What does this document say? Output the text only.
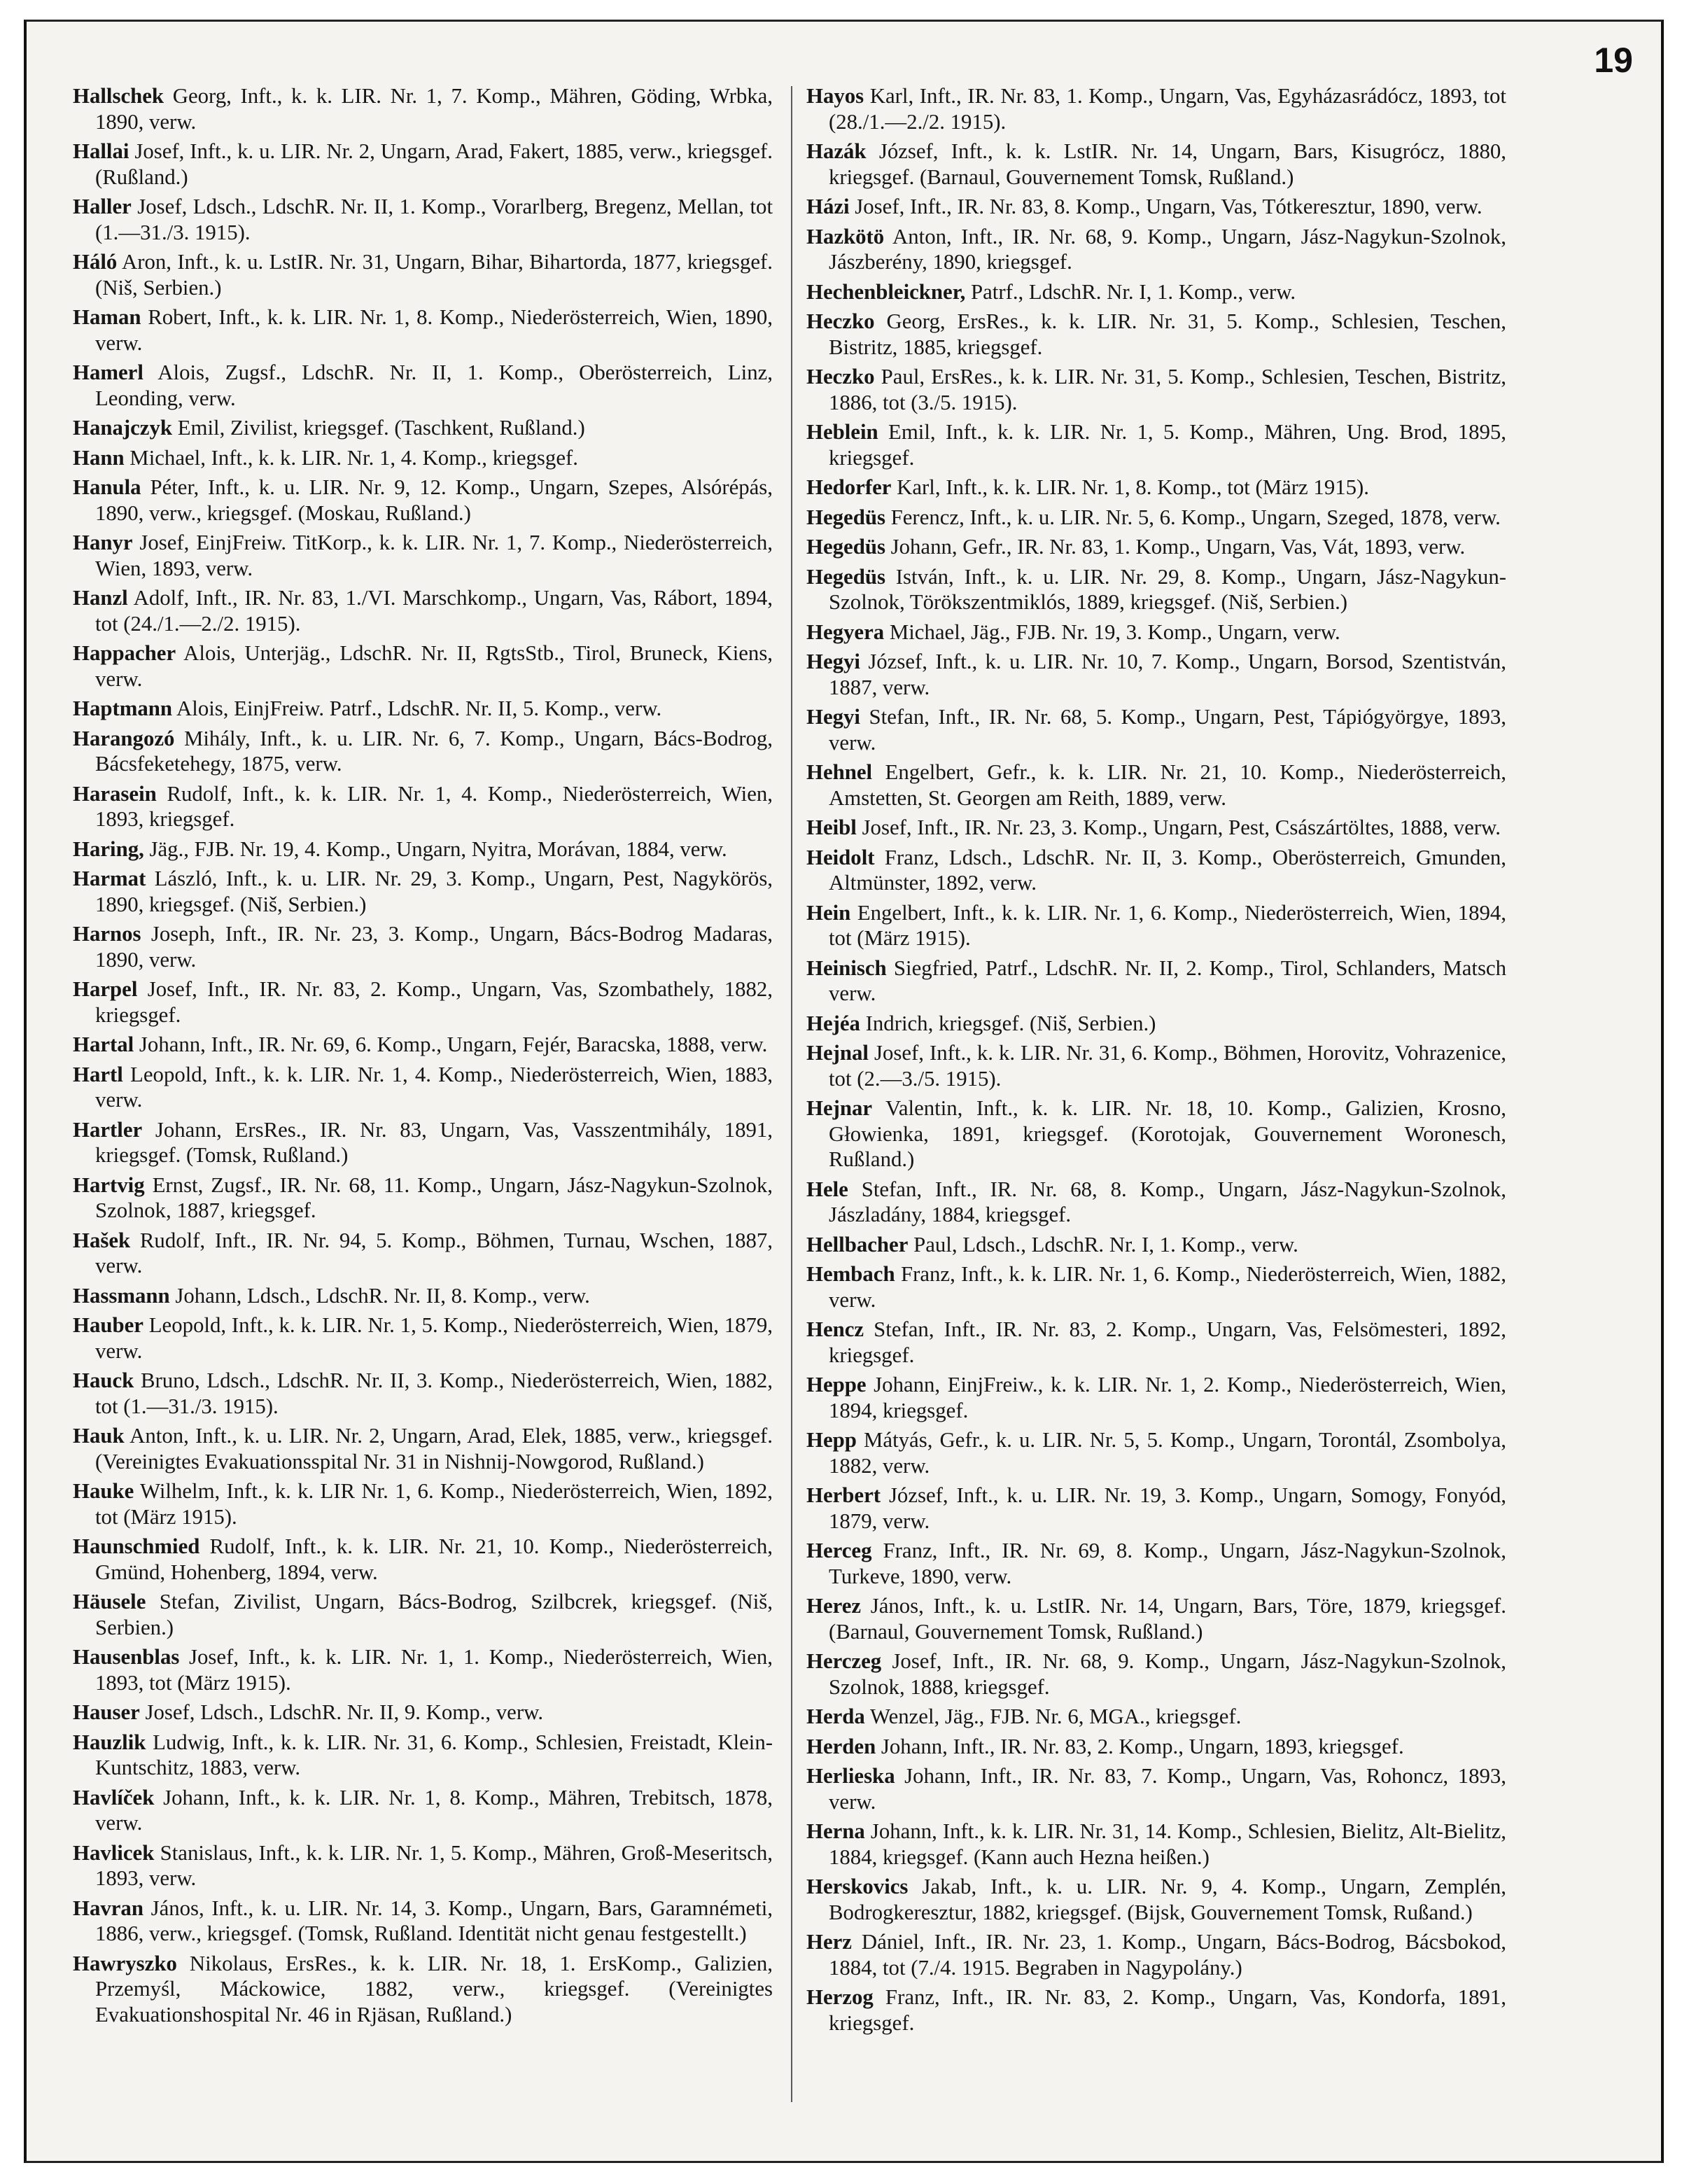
19

Hallschek Georg, Inft., k. k. LIR. Nr. 1, 7. Komp., Mähren, Göding, Wrbka, 1890, verw.

Hallai Josef, Inft., k. u. LIR. Nr. 2, Ungarn, Arad, Fakert, 1885, verw., kriegsgef. (Rußland.)

Haller Josef, Ldsch., LdschR. Nr. II, 1. Komp., Vorarlberg, Bregenz, Mellan, tot (1.—31./3. 1915).

Háló Aron, Inft., k. u. LstIR. Nr. 31, Ungarn, Bihar, Bihartorda, 1877, kriegsgef. (Niš, Serbien.)

Haman Robert, Inft., k. k. LIR. Nr. 1, 8. Komp., Niederösterreich, Wien, 1890, verw.

Hamerl Alois, Zugsf., LdschR. Nr. II, 1. Komp., Oberösterreich, Linz, Leonding, verw.

Hanajczyk Emil, Zivilist, kriegsgef. (Taschkent, Rußland.)

Hann Michael, Inft., k. k. LIR. Nr. 1, 4. Komp., kriegsgef.

Hanula Péter, Inft., k. u. LIR. Nr. 9, 12. Komp., Ungarn, Szepes, Alsórépás, 1890, verw., kriegsgef. (Moskau, Rußland.)

Hanyr Josef, EinjFreiw. TitKorp., k. k. LIR. Nr. 1, 7. Komp., Niederösterreich, Wien, 1893, verw.

Hanzl Adolf, Inft., IR. Nr. 83, 1./VI. Marschkomp., Ungarn, Vas, Rábort, 1894, tot (24./1.—2./2. 1915).

Happacher Alois, Unterjäg., LdschR. Nr. II, RgtsStb., Tirol, Bruneck, Kiens, verw.

Haptmann Alois, EinjFreiw. Patrf., LdschR. Nr. II, 5. Komp., verw.

Harangozó Mihály, Inft., k. u. LIR. Nr. 6, 7. Komp., Ungarn, Bács-Bodrog, Bácsfeketehegy, 1875, verw.

Harasein Rudolf, Inft., k. k. LIR. Nr. 1, 4. Komp., Niederösterreich, Wien, 1893, kriegsgef.

Haring, Jäg., FJB. Nr. 19, 4. Komp., Ungarn, Nyitra, Morávan, 1884, verw.

Harmat László, Inft., k. u. LIR. Nr. 29, 3. Komp., Ungarn, Pest, Nagykörös, 1890, kriegsgef. (Niš, Serbien.)

Harnos Joseph, Inft., IR. Nr. 23, 3. Komp., Ungarn, Bács-Bodrog Madaras, 1890, verw.

Harpel Josef, Inft., IR. Nr. 83, 2. Komp., Ungarn, Vas, Szombathely, 1882, kriegsgef.

Hartal Johann, Inft., IR. Nr. 69, 6. Komp., Ungarn, Fejér, Baracska, 1888, verw.

Hartl Leopold, Inft., k. k. LIR. Nr. 1, 4. Komp., Niederösterreich, Wien, 1883, verw.

Hartler Johann, ErsRes., IR. Nr. 83, Ungarn, Vas, Vasszentmihály, 1891, kriegsgef. (Tomsk, Rußland.)

Hartvig Ernst, Zugsf., IR. Nr. 68, 11. Komp., Ungarn, Jász-Nagykun-Szolnok, Szolnok, 1887, kriegsgef.

Hašek Rudolf, Inft., IR. Nr. 94, 5. Komp., Böhmen, Turnau, Wschen, 1887, verw.

Hassmann Johann, Ldsch., LdschR. Nr. II, 8. Komp., verw.

Hauber Leopold, Inft., k. k. LIR. Nr. 1, 5. Komp., Niederösterreich, Wien, 1879, verw.

Hauck Bruno, Ldsch., LdschR. Nr. II, 3. Komp., Niederösterreich, Wien, 1882, tot (1.—31./3. 1915).

Hauk Anton, Inft., k. u. LIR. Nr. 2, Ungarn, Arad, Elek, 1885, verw., kriegsgef. (Vereinigtes Evakuationsspital Nr. 31 in Nishnij-Nowgorod, Rußland.)

Hauke Wilhelm, Inft., k. k. LIR Nr. 1, 6. Komp., Niederösterreich, Wien, 1892, tot (März 1915).

Haunschmied Rudolf, Inft., k. k. LIR. Nr. 21, 10. Komp., Niederösterreich, Gmünd, Hohenberg, 1894, verw.

Häusele Stefan, Zivilist, Ungarn, Bács-Bodrog, Szilbcrek, kriegsgef. (Niš, Serbien.)

Hausenblas Josef, Inft., k. k. LIR. Nr. 1, 1. Komp., Niederösterreich, Wien, 1893, tot (März 1915).

Hauser Josef, Ldsch., LdschR. Nr. II, 9. Komp., verw.

Hauzlik Ludwig, Inft., k. k. LIR. Nr. 31, 6. Komp., Schlesien, Freistadt, Klein-Kuntschitz, 1883, verw.

Havlíček Johann, Inft., k. k. LIR. Nr. 1, 8. Komp., Mähren, Trebitsch, 1878, verw.

Havlicek Stanislaus, Inft., k. k. LIR. Nr. 1, 5. Komp., Mähren, Groß-Meseritsch, 1893, verw.

Havran János, Inft., k. u. LIR. Nr. 14, 3. Komp., Ungarn, Bars, Garamnémeti, 1886, verw., kriegsgef. (Tomsk, Rußland. Identität nicht genau festgestellt.)

Hawryszko Nikolaus, ErsRes., k. k. LIR. Nr. 18, 1. ErsKomp., Galizien, Przemyśl, Máckowice, 1882, verw., kriegsgef. (Vereinigtes Evakuationshospital Nr. 46 in Rjäsan, Rußland.)

Hayos Karl, Inft., IR. Nr. 83, 1. Komp., Ungarn, Vas, Egyházasrádócz, 1893, tot (28./1.—2./2. 1915).

Hazák József, Inft., k. k. LstIR. Nr. 14, Ungarn, Bars, Kisugrócz, 1880, kriegsgef. (Barnaul, Gouvernement Tomsk, Rußland.)

Házi Josef, Inft., IR. Nr. 83, 8. Komp., Ungarn, Vas, Tótkeresztur, 1890, verw.

Hazkötö Anton, Inft., IR. Nr. 68, 9. Komp., Ungarn, Jász-Nagykun-Szolnok, Jászberény, 1890, kriegsgef.

Hechenbleickner, Patrf., LdschR. Nr. I, 1. Komp., verw.

Heczko Georg, ErsRes., k. k. LIR. Nr. 31, 5. Komp., Schlesien, Teschen, Bistritz, 1885, kriegsgef.

Heczko Paul, ErsRes., k. k. LIR. Nr. 31, 5. Komp., Schlesien, Teschen, Bistritz, 1886, tot (3./5. 1915).

Heblein Emil, Inft., k. k. LIR. Nr. 1, 5. Komp., Mähren, Ung. Brod, 1895, kriegsgef.

Hedorfer Karl, Inft., k. k. LIR. Nr. 1, 8. Komp., tot (März 1915).

Hegedüs Ferencz, Inft., k. u. LIR. Nr. 5, 6. Komp., Ungarn, Szeged, 1878, verw.

Hegedüs Johann, Gefr., IR. Nr. 83, 1. Komp., Ungarn, Vas, Vát, 1893, verw.

Hegedüs István, Inft., k. u. LIR. Nr. 29, 8. Komp., Ungarn, Jász-Nagykun-Szolnok, Törökszentmiklós, 1889, kriegsgef. (Niš, Serbien.)

Hegyera Michael, Jäg., FJB. Nr. 19, 3. Komp., Ungarn, verw.

Hegyi József, Inft., k. u. LIR. Nr. 10, 7. Komp., Ungarn, Borsod, Szentistván, 1887, verw.

Hegyi Stefan, Inft., IR. Nr. 68, 5. Komp., Ungarn, Pest, Tápiógyörgye, 1893, verw.

Hehnel Engelbert, Gefr., k. k. LIR. Nr. 21, 10. Komp., Niederösterreich, Amstetten, St. Georgen am Reith, 1889, verw.

Heibl Josef, Inft., IR. Nr. 23, 3. Komp., Ungarn, Pest, Császártöltes, 1888, verw.

Heidolt Franz, Ldsch., LdschR. Nr. II, 3. Komp., Oberösterreich, Gmunden, Altmünster, 1892, verw.

Hein Engelbert, Inft., k. k. LIR. Nr. 1, 6. Komp., Niederösterreich, Wien, 1894, tot (März 1915).

Heinisch Siegfried, Patrf., LdschR. Nr. II, 2. Komp., Tirol, Schlanders, Matsch verw.

Hejéa Indrich, kriegsgef. (Niš, Serbien.)

Hejnal Josef, Inft., k. k. LIR. Nr. 31, 6. Komp., Böhmen, Horovitz, Vohrazenice, tot (2.—3./5. 1915).

Hejnar Valentin, Inft., k. k. LIR. Nr. 18, 10. Komp., Galizien, Krosno, Głowienka, 1891, kriegsgef. (Korotojak, Gouvernement Woronesch, Rußland.)

Hele Stefan, Inft., IR. Nr. 68, 8. Komp., Ungarn, Jász-Nagykun-Szolnok, Jászladány, 1884, kriegsgef.

Hellbacher Paul, Ldsch., LdschR. Nr. I, 1. Komp., verw.

Hembach Franz, Inft., k. k. LIR. Nr. 1, 6. Komp., Niederösterreich, Wien, 1882, verw.

Hencz Stefan, Inft., IR. Nr. 83, 2. Komp., Ungarn, Vas, Felsömesteri, 1892, kriegsgef.

Heppe Johann, EinjFreiw., k. k. LIR. Nr. 1, 2. Komp., Niederösterreich, Wien, 1894, kriegsgef.

Hepp Mátyás, Gefr., k. u. LIR. Nr. 5, 5. Komp., Ungarn, Torontál, Zsombolya, 1882, verw.

Herbert József, Inft., k. u. LIR. Nr. 19, 3. Komp., Ungarn, Somogy, Fonyód, 1879, verw.

Herceg Franz, Inft., IR. Nr. 69, 8. Komp., Ungarn, Jász-Nagykun-Szolnok, Turkeve, 1890, verw.

Herez János, Inft., k. u. LstIR. Nr. 14, Ungarn, Bars, Töre, 1879, kriegsgef. (Barnaul, Gouvernement Tomsk, Rußland.)

Herczeg Josef, Inft., IR. Nr. 68, 9. Komp., Ungarn, Jász-Nagykun-Szolnok, Szolnok, 1888, kriegsgef.

Herda Wenzel, Jäg., FJB. Nr. 6, MGA., kriegsgef.

Herden Johann, Inft., IR. Nr. 83, 2. Komp., Ungarn, 1893, kriegsgef.

Herlieska Johann, Inft., IR. Nr. 83, 7. Komp., Ungarn, Vas, Rohoncz, 1893, verw.

Herna Johann, Inft., k. k. LIR. Nr. 31, 14. Komp., Schlesien, Bielitz, Alt-Bielitz, 1884, kriegsgef. (Kann auch Hezna heißen.)

Herskovics Jakab, Inft., k. u. LIR. Nr. 9, 4. Komp., Ungarn, Zemplén, Bodrogkeresztur, 1882, kriegsgef. (Bijsk, Gouvernement Tomsk, Rußand.)

Herz Dániel, Inft., IR. Nr. 23, 1. Komp., Ungarn, Bács-Bodrog, Bácsbokod, 1884, tot (7./4. 1915. Begraben in Nagypolány.)

Herzog Franz, Inft., IR. Nr. 83, 2. Komp., Ungarn, Vas, Kondorfa, 1891, kriegsgef.
